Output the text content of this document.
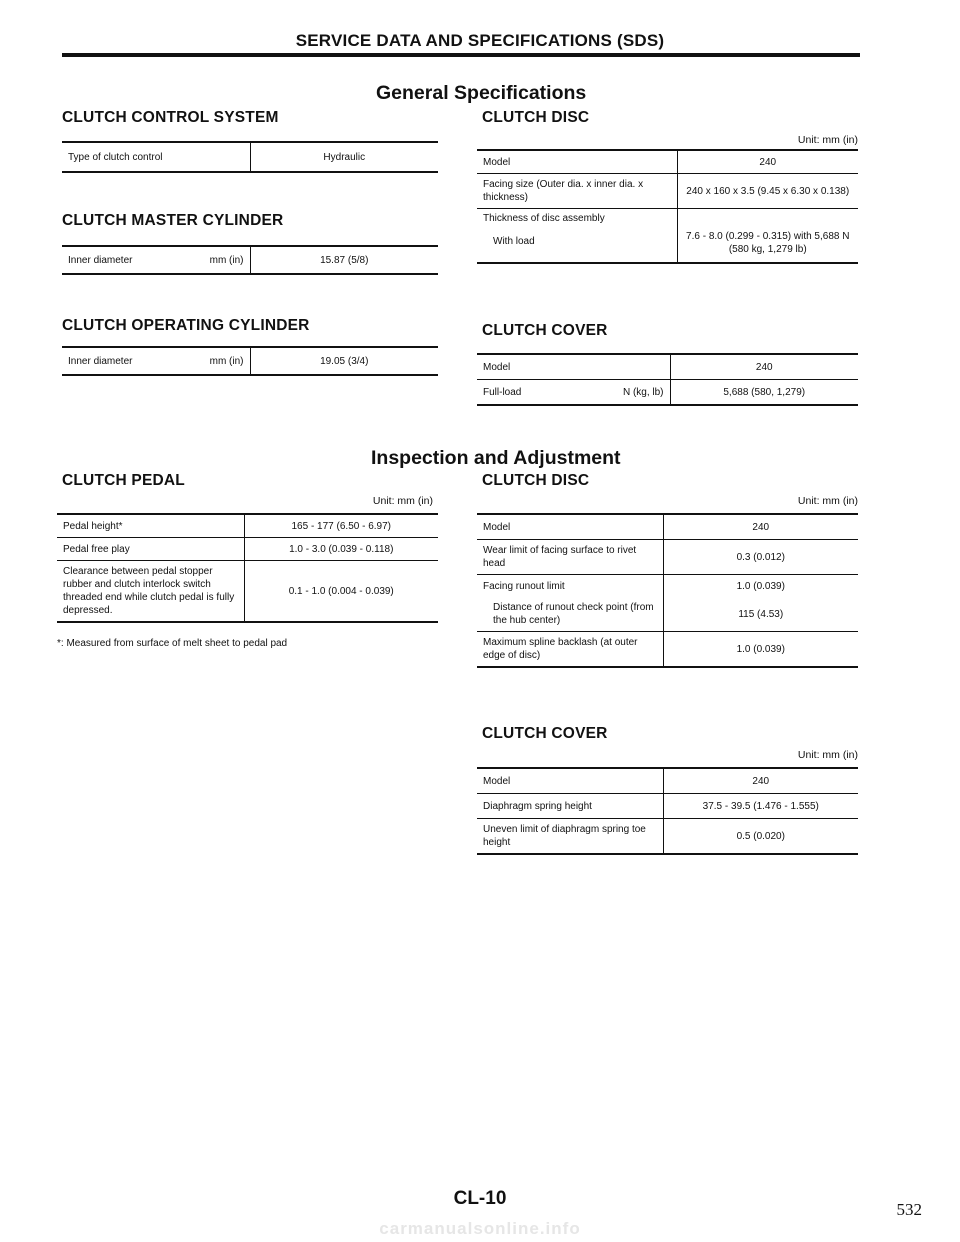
SERVICE DATA AND SPECIFICATIONS (SDS)
General Specifications
CLUTCH CONTROL SYSTEM
Type of clutch control	Hydraulic
CLUTCH MASTER CYLINDER
Inner diameter	mm (in)	15.87 (5/8)
CLUTCH OPERATING CYLINDER
Inner diameter	mm (in)	19.05 (3/4)
CLUTCH DISC
Unit: mm (in)
Model	240
Facing size (Outer dia. x inner dia. x thickness)	240 x 160 x 3.5 (9.45 x 6.30 x 0.138)

Thickness of disc assembly
With load	7.6 - 8.0 (0.299 - 0.315) with 5,688 N (580 kg, 1,279 lb)
CLUTCH COVER
Model	240

Full-load N (kg, lb)	5,688 (580, 1,279)
Inspection and Adjustment
CLUTCH PEDAL
Unit: mm (in)
Pedal height*	165 - 177 (6.50 - 6.97)
Pedal free play	1.0 - 3.0 (0.039 - 0.118)
Clearance between pedal stopper rubber and clutch interlock switch threaded end while clutch pedal is fully depressed.	0.1 - 1.0 (0.004 - 0.039)
*: Measured from surface of melt sheet to pedal pad
CLUTCH DISC
Unit: mm (in)
Model	240
Wear limit of facing surface to rivet head	0.3 (0.012)
Facing runout limit	1.0 (0.039)
Distance of runout check point (from the hub center)	115 (4.53)
Maximum spline backlash (at outer edge of disc)	1.0 (0.039)
CLUTCH COVER
Unit: mm (in)
Model	240
Diaphragm spring height	37.5 - 39.5 (1.476 - 1.555)
Uneven limit of diaphragm spring toe height	0.5 (0.020)
CL-10
532
carmanualsonline.info
